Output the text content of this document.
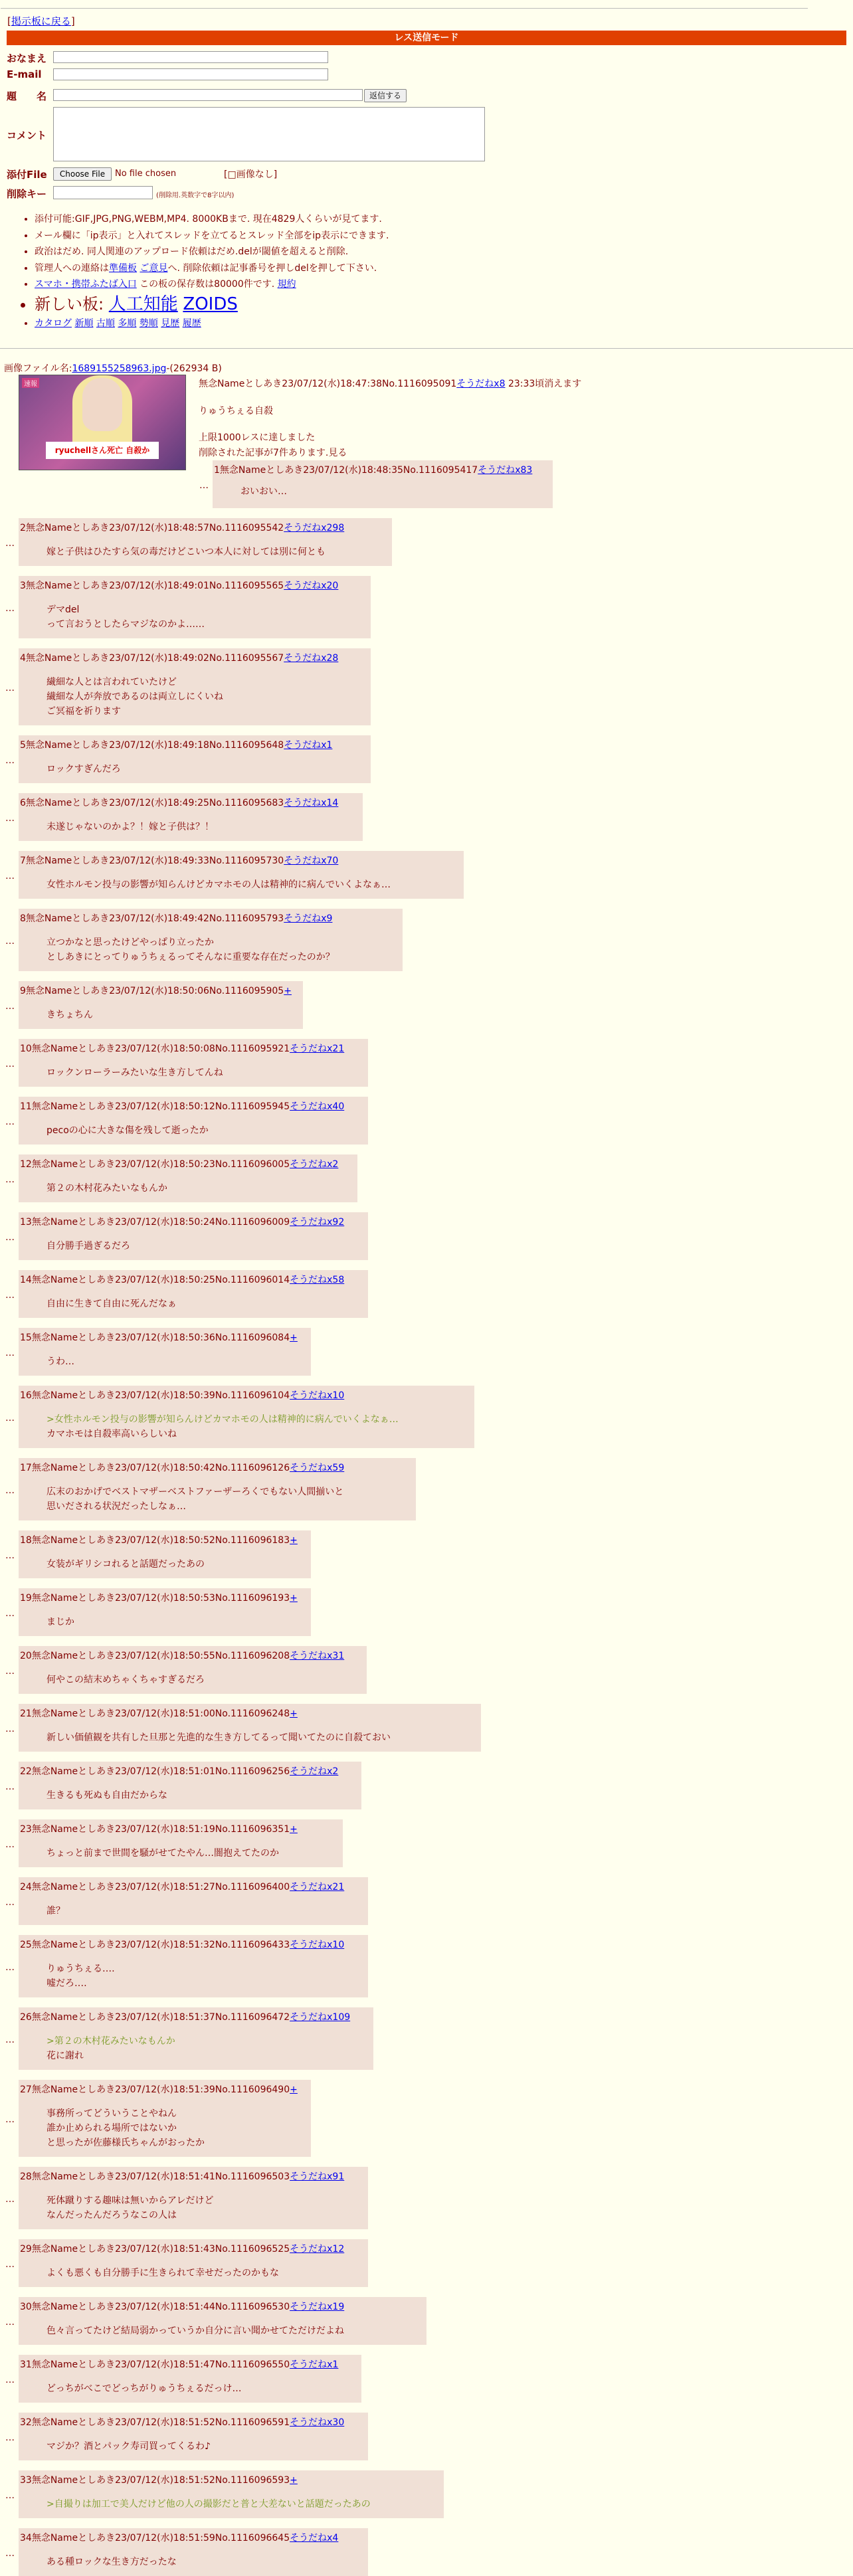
[掲示板に戻る]
レス送信モード
おなまえ
E-mail
題　　名	返信する
コメント
添付File	Choose File	No file chosen	[□画像なし]
削除キー	(削除用.英数字で8字以内)
• 添付可能:GIF,JPG,PNG,WEBM,MP4. 8000KBまで. 現在4829人くらいが見てます.
• メール欄に「ip表示」と入れてスレッドを立てるとスレッド全部をip表示にできます.
• 政治はだめ. 同人関連のアップロード依頼はだめ.delが閾値を超えると削除.
• 管理人への連絡は準備板 ご意見へ. 削除依頼は記事番号を押しdelを押して下さい.
• スマホ・携帯ふたば入口 この板の保存数は80000件です. 規約
• 新しい板: 人工知能 ZOIDS
• カタログ 新順 古順 多順 勢順 見歴 履歴
画像ファイル名:1689155258963.jpg-(262934 B)
速報
ryuchellさん死亡 自殺か
無念Nameとしあき23/07/12(水)18:47:38No.1116095091そうだねx8 23:33頃消えます
りゅうちぇる自殺
上限1000レスに達しました
削除された記事が7件あります.見る
1無念Nameとしあき23/07/12(水)18:48:35No.1116095417そうだねx83
おいおい…
…
2無念Nameとしあき23/07/12(水)18:48:57No.1116095542そうだねx298
嫁と子供はひたすら気の毒だけどこいつ本人に対しては別に何とも
…
3無念Nameとしあき23/07/12(水)18:49:01No.1116095565そうだねx20
デマdel
って言おうとしたらマジなのかよ……
…
4無念Nameとしあき23/07/12(水)18:49:02No.1116095567そうだねx28
繊細な人とは言われていたけど
繊細な人が奔放であるのは両立しにくいね
ご冥福を祈ります
…
5無念Nameとしあき23/07/12(水)18:49:18No.1116095648そうだねx1
ロックすぎんだろ
…
6無念Nameとしあき23/07/12(水)18:49:25No.1116095683そうだねx14
未遂じゃないのかよ？！嫁と子供は？！
…
7無念Nameとしあき23/07/12(水)18:49:33No.1116095730そうだねx70
女性ホルモン投与の影響が知らんけどカマホモの人は精神的に病んでいくよなぁ…
…
8無念Nameとしあき23/07/12(水)18:49:42No.1116095793そうだねx9
立つかなと思ったけどやっぱり立ったか
としあきにとってりゅうちぇるってそんなに重要な存在だったのか？
…
9無念Nameとしあき23/07/12(水)18:50:06No.1116095905+
きちょちん
…
10無念Nameとしあき23/07/12(水)18:50:08No.1116095921そうだねx21
ロックンローラーみたいな生き方してんね
…
11無念Nameとしあき23/07/12(水)18:50:12No.1116095945そうだねx40
pecoの心に大きな傷を残して逝ったか
…
12無念Nameとしあき23/07/12(水)18:50:23No.1116096005そうだねx2
第２の木村花みたいなもんか
…
13無念Nameとしあき23/07/12(水)18:50:24No.1116096009そうだねx92
自分勝手過ぎるだろ
…
14無念Nameとしあき23/07/12(水)18:50:25No.1116096014そうだねx58
自由に生きて自由に死んだなぁ
…
15無念Nameとしあき23/07/12(水)18:50:36No.1116096084+
うわ…
…
16無念Nameとしあき23/07/12(水)18:50:39No.1116096104そうだねx10
>女性ホルモン投与の影響が知らんけどカマホモの人は精神的に病んでいくよなぁ…
カマホモは自殺率高いらしいね
…
17無念Nameとしあき23/07/12(水)18:50:42No.1116096126そうだねx59
広末のおかげでベストマザーベストファーザーろくでもない人間揃いと
思いだされる状況だったしなぁ…
…
18無念Nameとしあき23/07/12(水)18:50:52No.1116096183+
女装がギリシコれると話題だったあの
…
19無念Nameとしあき23/07/12(水)18:50:53No.1116096193+
まじか
…
20無念Nameとしあき23/07/12(水)18:50:55No.1116096208そうだねx31
何やこの結末めちゃくちゃすぎるだろ
…
21無念Nameとしあき23/07/12(水)18:51:00No.1116096248+
新しい価値観を共有した旦那と先進的な生き方してるって聞いてたのに自殺ておい
…
22無念Nameとしあき23/07/12(水)18:51:01No.1116096256そうだねx2
生きるも死ぬも自由だからな
…
23無念Nameとしあき23/07/12(水)18:51:19No.1116096351+
ちょっと前まで世間を騒がせてたやん…闇抱えてたのか
…
24無念Nameとしあき23/07/12(水)18:51:27No.1116096400そうだねx21
誰？
…
25無念Nameとしあき23/07/12(水)18:51:32No.1116096433そうだねx10
りゅうちぇる‥‥
嘘だろ‥‥
…
26無念Nameとしあき23/07/12(水)18:51:37No.1116096472そうだねx109
>第２の木村花みたいなもんか
花に謝れ
…
27無念Nameとしあき23/07/12(水)18:51:39No.1116096490+
事務所ってどういうことやねん
誰か止められる場所ではないか
と思ったが佐藤様氏ちゃんがおったか
…
28無念Nameとしあき23/07/12(水)18:51:41No.1116096503そうだねx91
死体蹴りする趣味は無いからアレだけど
なんだったんだろうなこの人は
…
29無念Nameとしあき23/07/12(水)18:51:43No.1116096525そうだねx12
よくも悪くも自分勝手に生きられて幸せだったのかもな
…
30無念Nameとしあき23/07/12(水)18:51:44No.1116096530そうだねx19
色々言ってたけど結局弱かっていうか自分に言い聞かせてただけだよね
…
31無念Nameとしあき23/07/12(水)18:51:47No.1116096550そうだねx1
どっちがべこでどっちがりゅうちぇるだっけ…
…
32無念Nameとしあき23/07/12(水)18:51:52No.1116096591そうだねx30
マジか？酒とパック寿司買ってくるわ♪
…
33無念Nameとしあき23/07/12(水)18:51:52No.1116096593+
>自撮りは加工で美人だけど他の人の撮影だと普と大差ないと話題だったあの
…
34無念Nameとしあき23/07/12(水)18:51:59No.1116096645そうだねx4
ある種ロックな生き方だったな
…
